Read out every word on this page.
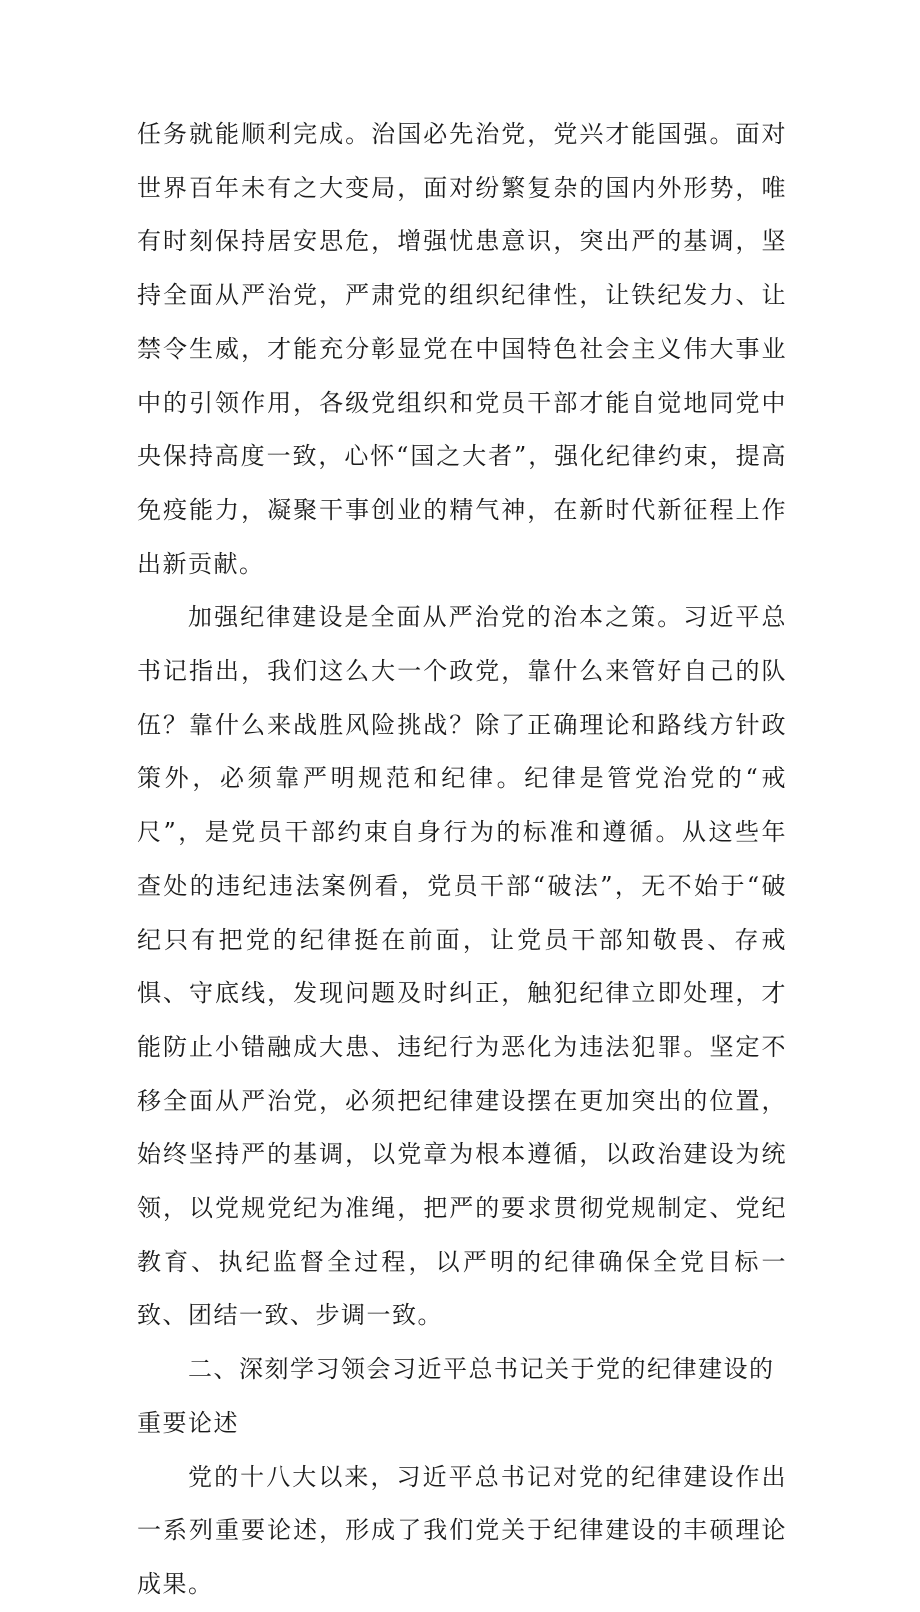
任务就能顺利完成。治国必先治党，党兴才能国强。面对世界百年未有之大变局，面对纷繁复杂的国内外形势，唯有时刻保持居安思危，增强忧患意识，突出严的基调，坚持全面从严治党，严肃党的组织纪律性，让铁纪发力、让禁令生威，才能充分彰显党在中国特色社会主义伟大事业中的引领作用，各级党组织和党员干部才能自觉地同党中央保持高度一致，心怀“国之大者”，强化纪律约束，提高免疫能力，凝聚干事创业的精气神，在新时代新征程上作出新贡献。

加强纪律建设是全面从严治党的治本之策。习近平总书记指出，我们这么大一个政党，靠什么来管好自己的队伍？靠什么来战胜风险挑战？除了正确理论和路线方针政策外，必须靠严明规范和纪律。纪律是管党治党的“戒尺”，是党员干部约束自身行为的标准和遵循。从这些年查处的违纪违法案例看，党员干部“破法”，无不始于“破纪只有把党的纪律挺在前面，让党员干部知敬畏、存戒惧、守底线，发现问题及时纠正，触犯纪律立即处理，才能防止小错融成大患、违纪行为恶化为违法犯罪。坚定不移全面从严治党，必须把纪律建设摆在更加突出的位置，始终坚持严的基调，以党章为根本遵循，以政治建设为统领，以党规党纪为准绳，把严的要求贯彻党规制定、党纪教育、执纪监督全过程，以严明的纪律确保全党目标一致、团结一致、步调一致。

二、深刻学习领会习近平总书记关于党的纪律建设的重要论述

党的十八大以来，习近平总书记对党的纪律建设作出一系列重要论述，形成了我们党关于纪律建设的丰硕理论成果。
